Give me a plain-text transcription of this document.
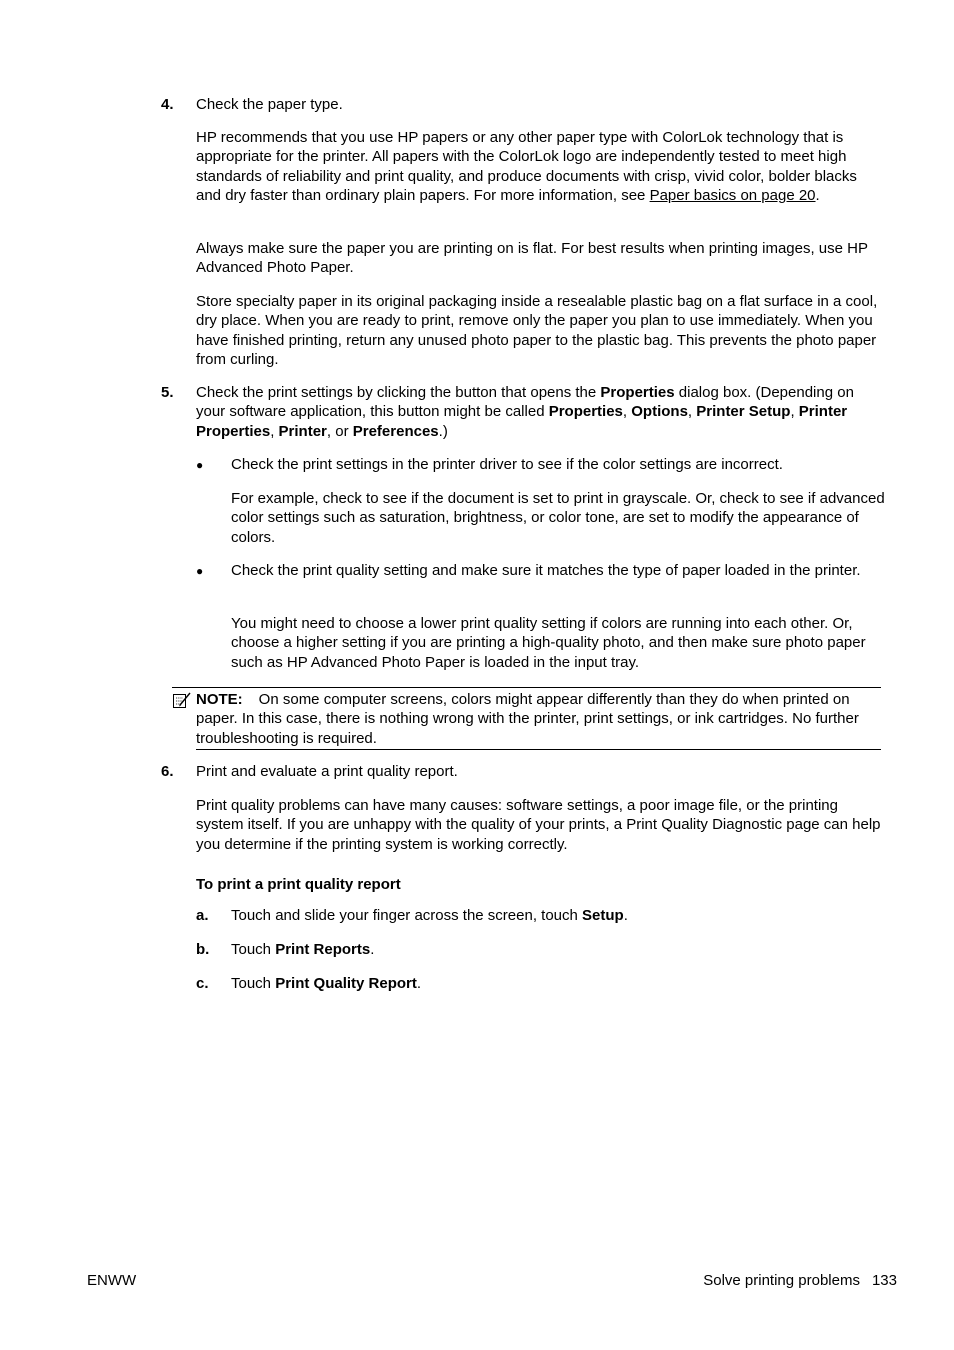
4. Check the paper type.

HP recommends that you use HP papers or any other paper type with ColorLok technology that is appropriate for the printer. All papers with the ColorLok logo are independently tested to meet high standards of reliability and print quality, and produce documents with crisp, vivid color, bolder blacks and dry faster than ordinary plain papers. For more information, see Paper basics on page 20.

Always make sure the paper you are printing on is flat. For best results when printing images, use HP Advanced Photo Paper.

Store specialty paper in its original packaging inside a resealable plastic bag on a flat surface in a cool, dry place. When you are ready to print, remove only the paper you plan to use immediately. When you have finished printing, return any unused photo paper to the plastic bag. This prevents the photo paper from curling.

5. Check the print settings by clicking the button that opens the Properties dialog box. (Depending on your software application, this button might be called Properties, Options, Printer Setup, Printer Properties, Printer, or Preferences.)

● Check the print settings in the printer driver to see if the color settings are incorrect.

For example, check to see if the document is set to print in grayscale. Or, check to see if advanced color settings such as saturation, brightness, or color tone, are set to modify the appearance of colors.

● Check the print quality setting and make sure it matches the type of paper loaded in the printer.

You might need to choose a lower print quality setting if colors are running into each other. Or, choose a higher setting if you are printing a high-quality photo, and then make sure photo paper such as HP Advanced Photo Paper is loaded in the input tray.

NOTE: On some computer screens, colors might appear differently than they do when printed on paper. In this case, there is nothing wrong with the printer, print settings, or ink cartridges. No further troubleshooting is required.

6. Print and evaluate a print quality report.

Print quality problems can have many causes: software settings, a poor image file, or the printing system itself. If you are unhappy with the quality of your prints, a Print Quality Diagnostic page can help you determine if the printing system is working correctly.

To print a print quality report

a. Touch and slide your finger across the screen, touch Setup.

b. Touch Print Reports.

c. Touch Print Quality Report.

ENWW	Solve printing problems 133
